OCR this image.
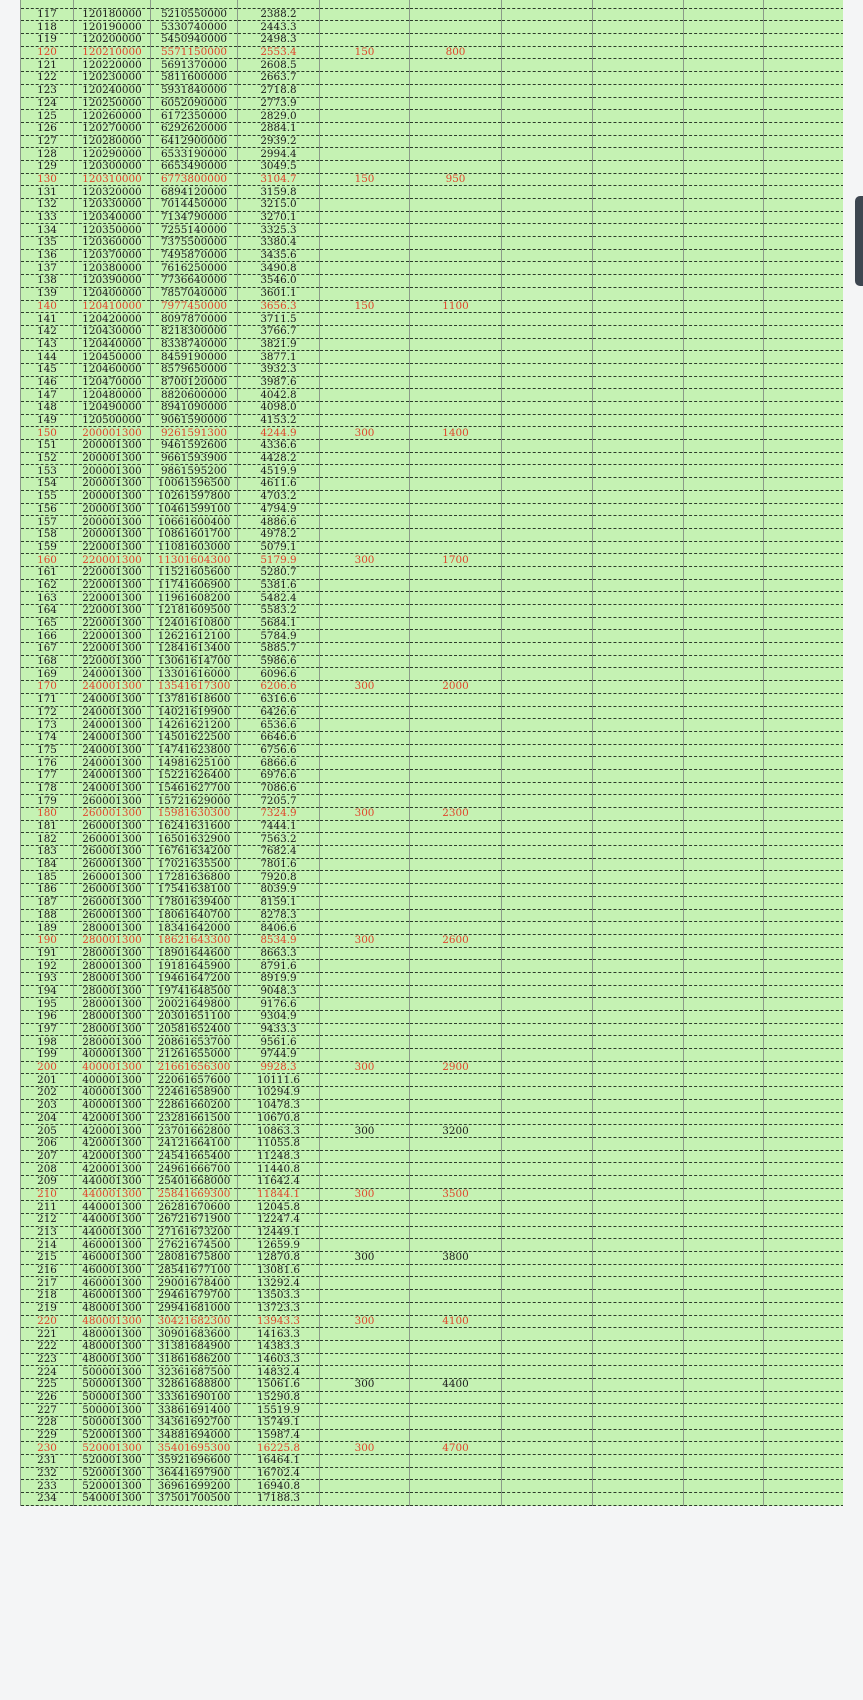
117	120180000	5210550000	2388.2						
118	120190000	5330740000	2443.3						
119	120200000	5450940000	2498.3						
120	120210000	5571150000	2553.4	150	800				
121	120220000	5691370000	2608.5						
122	120230000	5811600000	2663.7						
123	120240000	5931840000	2718.8						
124	120250000	6052090000	2773.9						
125	120260000	6172350000	2829.0						
126	120270000	6292620000	2884.1						
127	120280000	6412900000	2939.2						
128	120290000	6533190000	2994.4						
129	120300000	6653490000	3049.5						
130	120310000	6773800000	3104.7	150	950				
131	120320000	6894120000	3159.8						
132	120330000	7014450000	3215.0						
133	120340000	7134790000	3270.1						
134	120350000	7255140000	3325.3						
135	120360000	7375500000	3380.4						
136	120370000	7495870000	3435.6						
137	120380000	7616250000	3490.8						
138	120390000	7736640000	3546.0						
139	120400000	7857040000	3601.1						
140	120410000	7977450000	3656.3	150	1100				
141	120420000	8097870000	3711.5						
142	120430000	8218300000	3766.7						
143	120440000	8338740000	3821.9						
144	120450000	8459190000	3877.1						
145	120460000	8579650000	3932.3						
146	120470000	8700120000	3987.6						
147	120480000	8820600000	4042.8						
148	120490000	8941090000	4098.0						
149	120500000	9061590000	4153.2						
150	200001300	9261591300	4244.9	300	1400				
151	200001300	9461592600	4336.6						
152	200001300	9661593900	4428.2						
153	200001300	9861595200	4519.9						
154	200001300	10061596500	4611.6						
155	200001300	10261597800	4703.2						
156	200001300	10461599100	4794.9						
157	200001300	10661600400	4886.6						
158	200001300	10861601700	4978.2						
159	220001300	11081603000	5079.1						
160	220001300	11301604300	5179.9	300	1700				
161	220001300	11521605600	5280.7						
162	220001300	11741606900	5381.6						
163	220001300	11961608200	5482.4						
164	220001300	12181609500	5583.2						
165	220001300	12401610800	5684.1						
166	220001300	12621612100	5784.9						
167	220001300	12841613400	5885.7						
168	220001300	13061614700	5986.6						
169	240001300	13301616000	6096.6						
170	240001300	13541617300	6206.6	300	2000				
171	240001300	13781618600	6316.6						
172	240001300	14021619900	6426.6						
173	240001300	14261621200	6536.6						
174	240001300	14501622500	6646.6						
175	240001300	14741623800	6756.6						
176	240001300	14981625100	6866.6						
177	240001300	15221626400	6976.6						
178	240001300	15461627700	7086.6						
179	260001300	15721629000	7205.7						
180	260001300	15981630300	7324.9	300	2300				
181	260001300	16241631600	7444.1						
182	260001300	16501632900	7563.2						
183	260001300	16761634200	7682.4						
184	260001300	17021635500	7801.6						
185	260001300	17281636800	7920.8						
186	260001300	17541638100	8039.9						
187	260001300	17801639400	8159.1						
188	260001300	18061640700	8278.3						
189	280001300	18341642000	8406.6						
190	280001300	18621643300	8534.9	300	2600				
191	280001300	18901644600	8663.3						
192	280001300	19181645900	8791.6						
193	280001300	19461647200	8919.9						
194	280001300	19741648500	9048.3						
195	280001300	20021649800	9176.6						
196	280001300	20301651100	9304.9						
197	280001300	20581652400	9433.3						
198	280001300	20861653700	9561.6						
199	400001300	21261655000	9744.9						
200	400001300	21661656300	9928.3	300	2900				
201	400001300	22061657600	10111.6						
202	400001300	22461658900	10294.9						
203	400001300	22861660200	10478.3						
204	420001300	23281661500	10670.8						
205	420001300	23701662800	10863.3	300	3200				
206	420001300	24121664100	11055.8						
207	420001300	24541665400	11248.3						
208	420001300	24961666700	11440.8						
209	440001300	25401668000	11642.4						
210	440001300	25841669300	11844.1	300	3500				
211	440001300	26281670600	12045.8						
212	440001300	26721671900	12247.4						
213	440001300	27161673200	12449.1						
214	460001300	27621674500	12659.9						
215	460001300	28081675800	12870.8	300	3800				
216	460001300	28541677100	13081.6						
217	460001300	29001678400	13292.4						
218	460001300	29461679700	13503.3						
219	480001300	29941681000	13723.3						
220	480001300	30421682300	13943.3	300	4100				
221	480001300	30901683600	14163.3						
222	480001300	31381684900	14383.3						
223	480001300	31861686200	14603.3						
224	500001300	32361687500	14832.4						
225	500001300	32861688800	15061.6	300	4400				
226	500001300	33361690100	15290.8						
227	500001300	33861691400	15519.9						
228	500001300	34361692700	15749.1						
229	520001300	34881694000	15987.4						
230	520001300	35401695300	16225.8	300	4700				
231	520001300	35921696600	16464.1						
232	520001300	36441697900	16702.4						
233	520001300	36961699200	16940.8						
234	540001300	37501700500	17188.3						
